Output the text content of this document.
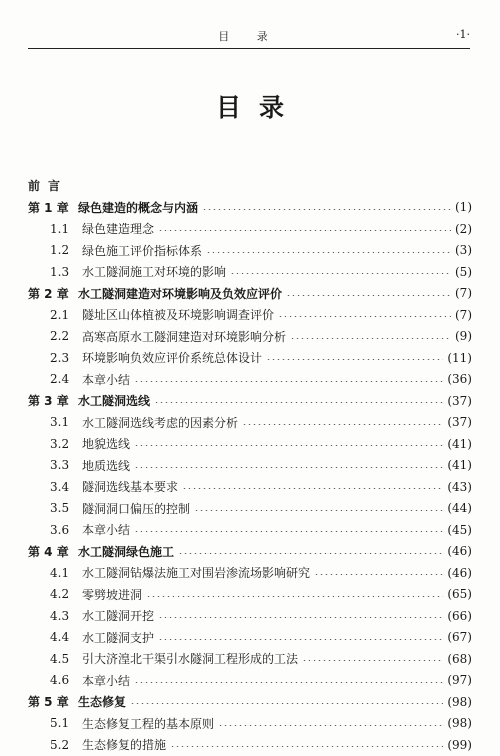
目 录	·1·
目录
前言
第 1 章 绿色建造的概念与内涵	(1)
1.1	绿色建造理念	(2)
1.2	绿色施工评价指标体系	(3)
1.3	水工隧洞施工对环境的影响	(5)
第 2 章 水工隧洞建造对环境影响及负效应评价	(7)
2.1	隧址区山体植被及环境影响调查评价	(7)
2.2	高寒高原水工隧洞建造对环境影响分析	(9)
2.3	环境影响负效应评价系统总体设计	(11)
2.4	本章小结	(36)
第 3 章 水工隧洞选线	(37)
3.1	水工隧洞选线考虑的因素分析	(37)
3.2	地貌选线	(41)
3.3	地质选线	(41)
3.4	隧洞选线基本要求	(43)
3.5	隧洞洞口偏压的控制	(44)
3.6	本章小结	(45)
第 4 章 水工隧洞绿色施工	(46)
4.1	水工隧洞钻爆法施工对围岩渗流场影响研究	(46)
4.2	零劈坡进洞	(65)
4.3	水工隧洞开挖	(66)
4.4	水工隧洞支护	(67)
4.5	引大济湟北干渠引水隧洞工程形成的工法	(68)
4.6	本章小结	(97)
第 5 章 生态修复	(98)
5.1	生态修复工程的基本原则	(98)
5.2	生态修复的措施	(99)
